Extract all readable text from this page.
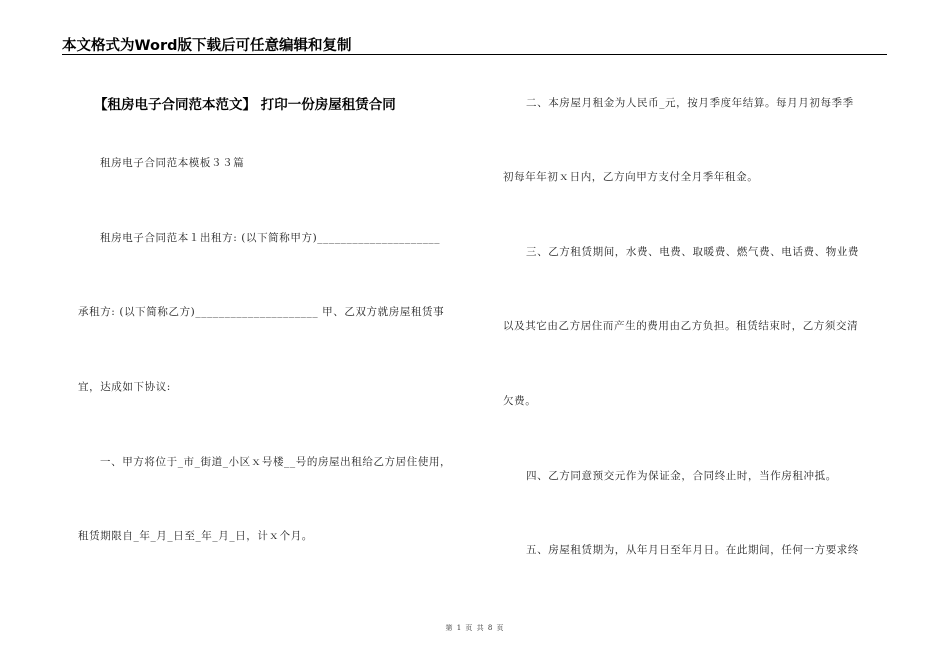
本文格式为Word版下载后可任意编辑和复制
【租房电子合同范本范文】 打印一份房屋租赁合同
租房电子合同范本模板３３篇
租房电子合同范本１出租方: (以下简称甲方)_____________________
承租方: (以下简称乙方)_____________________ 甲、乙双方就房屋租赁事
宜，达成如下协议:
一、甲方将位于_市_街道_小区ｘ号楼__号的房屋出租给乙方居住使用，
租赁期限自_年_月_日至_年_月_日，计ｘ个月。
二、本房屋月租金为人民币_元，按月季度年结算。每月月初每季季
初每年年初ｘ日内，乙方向甲方支付全月季年租金。
三、乙方租赁期间，水费、电费、取暖费、燃气费、电话费、物业费
以及其它由乙方居住而产生的费用由乙方负担。租赁结束时，乙方须交清
欠费。
四、乙方同意预交元作为保证金，合同终止时，当作房租冲抵。
五、房屋租赁期为，从年月日至年月日。在此期间，任何一方要求终
第 1 页 共 8 页
